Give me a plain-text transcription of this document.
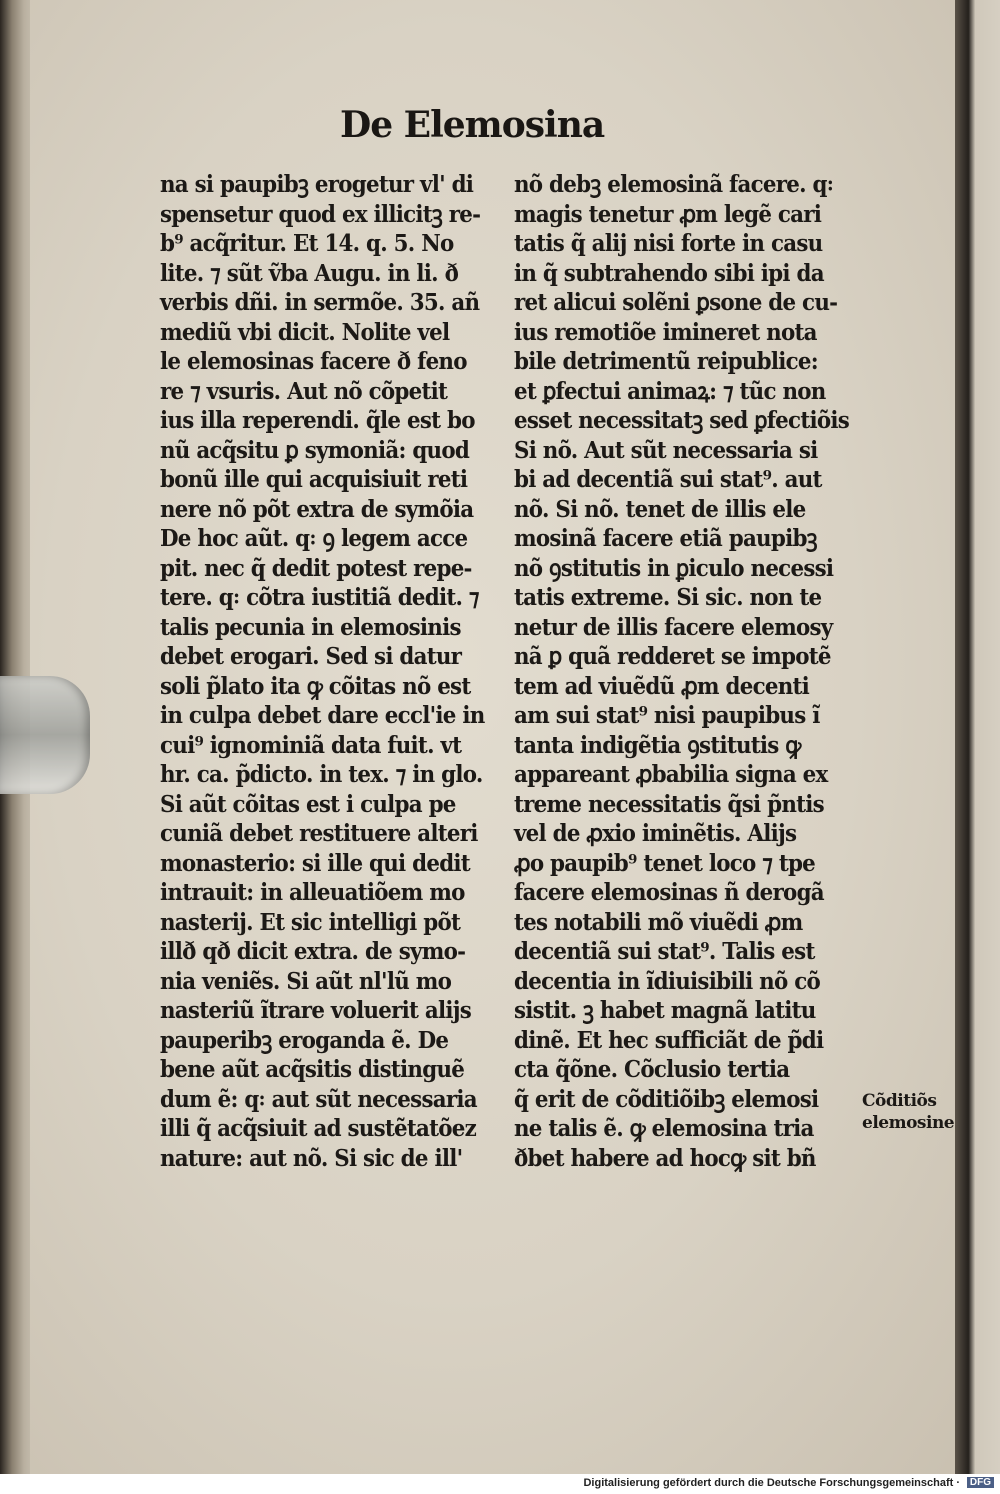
De Elemosina
na si paupibꝫ erogetur vl' di
spensetur quod ex illicitꝫ re-
b⁹ acq̃ritur. Et 14. q. 5. No
lite. ⁊ sũt ṽba Augu. in li. ð
verbis dñi. in sermõe. 35. añ
mediũ vbi dicit. Nolite vel
le elemosinas facere ð feno
re ⁊ vsuris. Aut nõ cõpetit
ius illa reperendi. q̃le est bo
nũ acq̃situ ꝑ symoniã: quod
bonũ ille qui acquisiuit reti
nere nõ põt extra de symõia
De hoc aũt. q꞉ ꝯ legem acce
pit. nec q̃ dedit potest repe-
tere. q꞉ cõtra iustitiã dedit. ⁊
talis pecunia in elemosinis
debet erogari. Sed si datur
soli p̃lato ita ꝙ cõitas nõ est
in culpa debet dare eccl'ie in
cui⁹ ignominiã data fuit. vt
hr. ca. p̃dicto. in tex. ⁊ in glo.
Si aũt cõitas est i culpa pe
cuniã debet restituere alteri
monasterio: si ille qui dedit
intrauit: in alleuatiõem mo
nasterij. Et sic intelligi põt
illð qð dicit extra. de symo-
nia veniẽs. Si aũt nl'lũ mo
nasteriũ ĩtrare voluerit alijs
pauperibꝫ eroganda ẽ. De
bene aũt acq̃sitis distinguẽ
dum ẽ: q꞉ aut sũt necessaria
illi q̃ acq̃siuit ad sustẽtatõez
nature: aut nõ. Si sic de ill'
nõ debꝫ elemosinã facere. q꞉
magis tenetur ꝓm legẽ cari
tatis q̃ alij nisi forte in casu
in q̃ subtrahendo sibi ipi da
ret alicui solẽni ꝑsone de cu-
ius remotiõe imineret nota
bile detrimentũ reipublice:
et ꝑfectui animaꝝ: ⁊ tũc non
esset necessitatꝫ sed ꝑfectiõis
Si nõ. Aut sũt necessaria si
bi ad decentiã sui stat⁹. aut
nõ. Si nõ. tenet de illis ele
mosinã facere etiã paupibꝫ
nõ ꝯstitutis in ꝑiculo necessi
tatis extreme. Si sic. non te
netur de illis facere elemosy
nã ꝑ quã redderet se impotẽ
tem ad viuẽdũ ꝓm decenti
am sui stat⁹ nisi paupibus ĩ
tanta indigẽtia ꝯstitutis ꝙ
appareant ꝓbabilia signa ex
treme necessitatis q̃si p̃ntis
vel de ꝓxio iminẽtis. Alijs
ꝓo paupib⁹ tenet loco ⁊ tpe
facere elemosinas ñ derogã
tes notabili mõ viuẽdi ꝓm
decentiã sui stat⁹. Talis est
decentia in ĩdiuisibili nõ cõ
sistit. ꝫ habet magnã latitu
dinẽ. Et hec sufficiãt de p̃di
cta q̃õne. Cõclusio tertia
q̃ erit de cõditiõibꝫ elemosi
ne talis ẽ. ꝙ elemosina tria
ðbet habere ad hocꝙ sit bñ
Cõditiõs
elemosine
Digitalisierung gefördert durch die Deutsche Forschungsgemeinschaft · DFG
